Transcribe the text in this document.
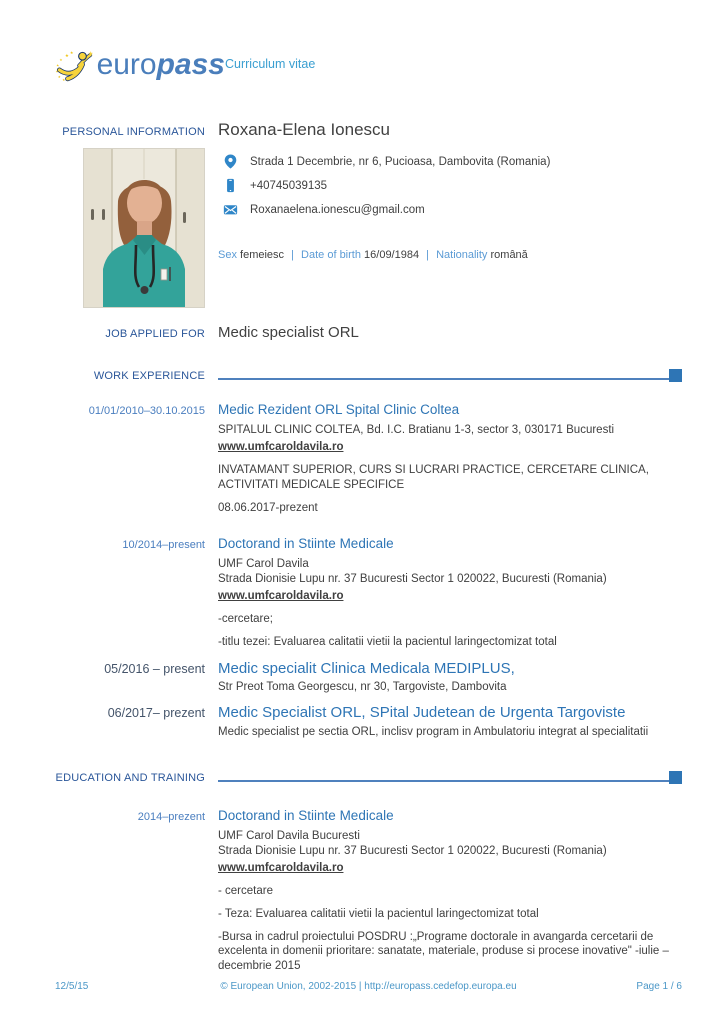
★
★
★
★
★
★
★ ★ europass Curriculum vitae
PERSONAL INFORMATION Roxana-Elena Ionescu
Strada 1 Decembrie, nr 6, Pucioasa, Dambovita (Romania)
+40745039135
Roxanaelena.ionescu@gmail.com
Sex femeiesc | Date of birth 16/09/1984 | Nationality română
JOB APPLIED FOR Medic specialist ORL
WORK EXPERIENCE
01/01/2010–30.10.2015 Medic Rezident ORL Spital Clinic Coltea
SPITALUL CLINIC COLTEA, Bd. I.C. Bratianu 1-3, sector 3, 030171 Bucuresti
www.umfcaroldavila.ro
INVATAMANT SUPERIOR, CURS SI LUCRARI PRACTICE, CERCETARE CLINICA, ACTIVITATI MEDICALE SPECIFICE
08.06.2017-prezent
10/2014–present Doctorand in Stiinte Medicale
UMF Carol Davila
Strada Dionisie Lupu nr. 37 Bucuresti Sector 1 020022, Bucuresti (Romania)
www.umfcaroldavila.ro
-cercetare;
-titlu tezei: Evaluarea calitatii vietii la pacientul laringectomizat total
05/2016 – present Medic specialit Clinica Medicala MEDIPLUS,
Str Preot Toma Georgescu, nr 30, Targoviste, Dambovita
06/2017– prezent Medic Specialist ORL, SPital Judetean de Urgenta Targoviste
Medic specialist pe sectia ORL, inclisv program in Ambulatoriu integrat al specialitatii
EDUCATION AND TRAINING
2014–prezent Doctorand in Stiinte Medicale
UMF Carol Davila Bucuresti
Strada Dionisie Lupu nr. 37 Bucuresti Sector 1 020022, Bucuresti (Romania)
www.umfcaroldavila.ro
- cercetare
- Teza: Evaluarea calitatii vietii la pacientul laringectomizat total
-Bursa in cadrul proiectului POSDRU :„Programe doctorale in avangarda cercetarii de excelenta in domenii prioritare: sanatate, materiale, produse si procese inovative" -iulie –decembrie 2015
12/5/15	© European Union, 2002-2015 | http://europass.cedefop.europa.eu	Page 1 / 6
